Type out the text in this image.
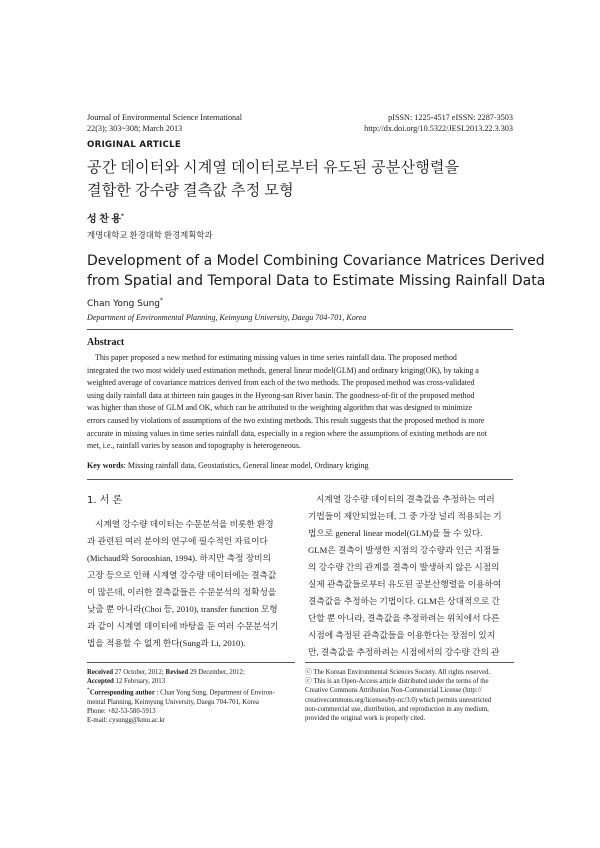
Journal of Environmental Science International
22(3); 303~308; March 2013
pISSN: 1225-4517 eISSN: 2287-3503
http://dx.doi.org/10.5322/JESI.2013.22.3.303
ORIGINAL ARTICLE
공간 데이터와 시계열 데이터로부터 유도된 공분산행렬을
결합한 강수량 결측값 추정 모형
성 찬 용*
계명대학교 환경대학 환경계획학과
Development of a Model Combining Covariance Matrices Derived
from Spatial and Temporal Data to Estimate Missing Rainfall Data
Chan Yong Sung*
Department of Environmental Planning, Keimyung University, Daegu 704-701, Korea
Abstract
This paper proposed a new method for estimating missing values in time series rainfall data. The proposed method
integrated the two most widely used estimation methods, general linear model(GLM) and ordinary kriging(OK), by taking a
weighted average of covariance matrices derived from each of the two methods. The proposed method was cross-validated
using daily rainfall data at thirteen rain gauges in the Hyeong-san River basin. The goodness-of-fit of the proposed method
was higher than those of GLM and OK, which can be attributed to the weighting algorithm that was designed to minimize
errors caused by violations of assumptions of the two existing methods. This result suggests that the proposed method is more
accurate in missing values in time series rainfall data, especially in a region where the assumptions of existing methods are not
met, i.e., rainfall varies by season and topography is heterogeneous.
Key words: Missing rainfall data, Geostatistics, General linear model, Ordinary kriging
1. 서 론
시계열 강수량 데이터는 수문분석을 비롯한 환경
과 관련된 여러 분야의 연구에 필수적인 자료이다
(Michaud와 Sorooshian, 1994). 하지만 측정 장비의
고장 등으로 인해 시계열 강수량 데이터에는 결측값
이 많은데, 이러한 결측값들은 수문분석의 정확성을
낮출 뿐 아니라(Choi 등, 2010), transfer function 모형
과 같이 시계열 데이터에 바탕을 둔 여러 수문분석기
법을 적용할 수 없게 한다(Sung과 Li, 2010).
시계열 강수량 데이터의 결측값을 추정하는 여러
기법들이 제안되었는데, 그 중 가장 널리 적용되는 기
법으로 general linear model(GLM)을 들 수 있다.
GLM은 결측이 발생한 지점의 강수량과 인근 지점들
의 강수량 간의 관계를 결측이 발생하지 않은 시점의
실제 관측값들로부터 유도된 공분산행렬을 이용하여
결측값을 추정하는 기법이다. GLM은 상대적으로 간
단할 뿐 아니라, 결측값을 추정하려는 위치에서 다른
시점에 측정된 관측값들을 이용한다는 장점이 있지
만, 결측값을 추정하려는 시점에서의 강수량 간의 관
Received 27 October, 2012; Revised 29 December, 2012;
Accepted 12 February, 2013
*Corresponding author : Chan Yong Sung, Department of Environ-
mental Planning, Keimyung University, Daegu 704-701, Korea
Phone: +82-53-580-5913
E-mail: cysungg@kmu.ac.kr
ⓒ The Korean Environmental Sciences Society. All rights reserved.
ⓒ This is an Open-Access article distributed under the terms of the
Creative Commons Attribution Non-Commercial License (http://
creativecommons.org/licenses/by-nc/3.0) which permits unrestricted
non-commercial use, distribution, and reproduction in any medium,
provided the original work is properly cited.
